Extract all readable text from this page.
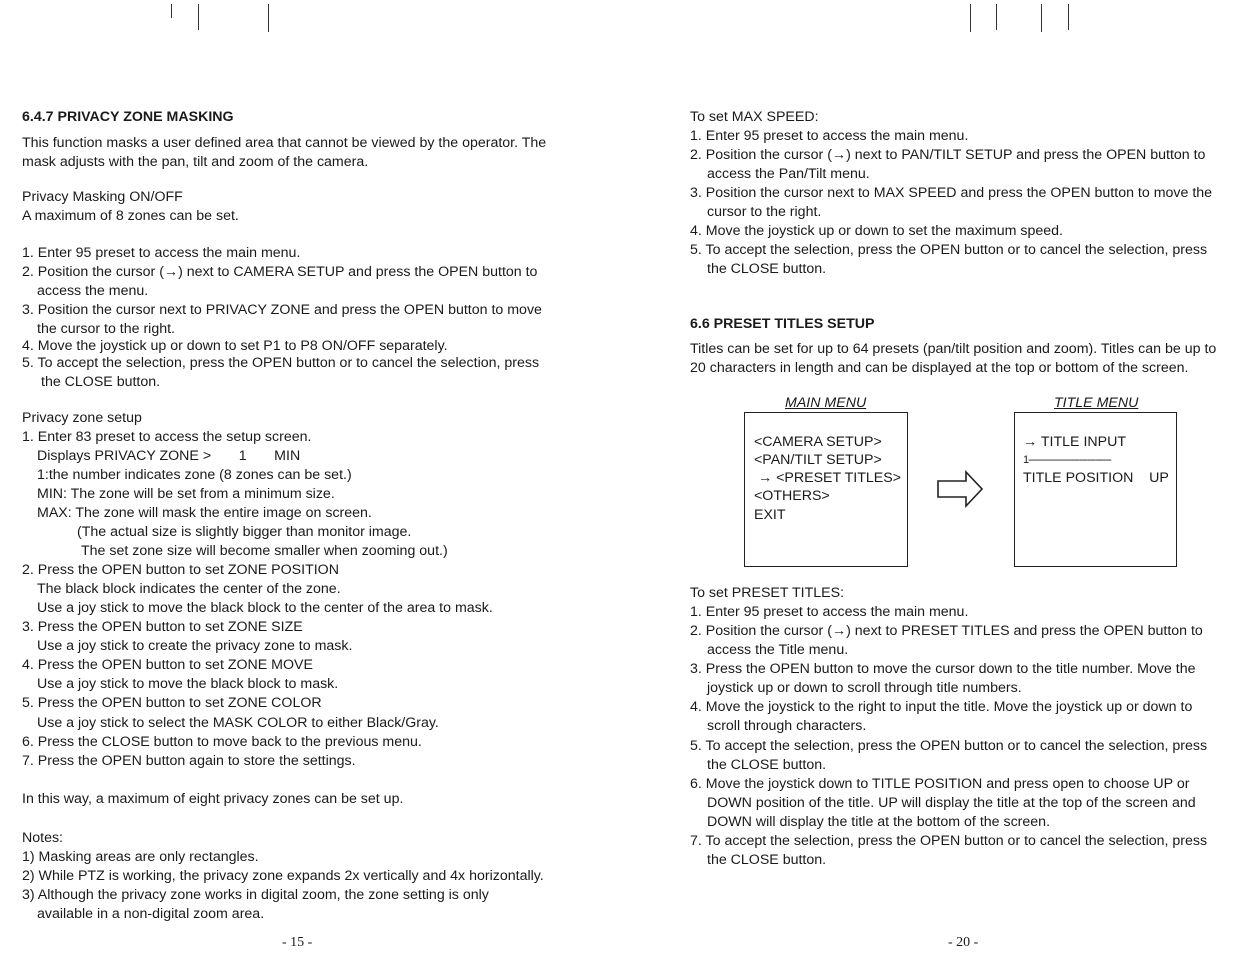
6.4.7 PRIVACY ZONE MASKING
This function masks a user defined area that cannot be viewed by the operator. The
mask adjusts with the pan, tilt and zoom of the camera.
Privacy Masking ON/OFF
A maximum of 8 zones can be set.
1. Enter 95 preset to access the main menu.
2. Position the cursor (→) next to CAMERA SETUP and press the OPEN button to
access the menu.
3. Position the cursor next to PRIVACY ZONE and press the OPEN button to move
the cursor to the right.
4. Move the joystick up or down to set P1 to P8 ON/OFF separately.
5. To accept the selection, press the OPEN button or to cancel the selection, press
the CLOSE button.
Privacy zone setup
1. Enter 83 preset to access the setup screen.
Displays PRIVACY ZONE >       1       MIN
1:the number indicates zone (8 zones can be set.)
MIN: The zone will be set from a minimum size.
MAX: The zone will mask the entire image on screen.
(The actual size is slightly bigger than monitor image.
The set zone size will become smaller when zooming out.)
2. Press the OPEN button to set ZONE POSITION
The black block indicates the center of the zone.
Use a joy stick to move the black block to the center of the area to mask.
3. Press the OPEN button to set ZONE SIZE
Use a joy stick to create the privacy zone to mask.
4. Press the OPEN button to set ZONE MOVE
Use a joy stick to move the black block to mask.
5. Press the OPEN button to set ZONE COLOR
Use a joy stick to select the MASK COLOR to either Black/Gray.
6. Press the CLOSE button to move back to the previous menu.
7. Press the OPEN button again to store the settings.
In this way, a maximum of eight privacy zones can be set up.
Notes:
1) Masking areas are only rectangles.
2) While PTZ is working, the privacy zone expands 2x vertically and 4x horizontally.
3) Although the privacy zone works in digital zoom, the zone setting is only
available in a non-digital zoom area.
- 15 -
To set MAX SPEED:
1. Enter 95 preset to access the main menu.
2. Position the cursor (→) next to PAN/TILT SETUP and press the OPEN button to
access the Pan/Tilt menu.
3. Position the cursor next to MAX SPEED and press the OPEN button to move the
cursor to the right.
4. Move the joystick up or down to set the maximum speed.
5. To accept the selection, press the OPEN button or to cancel the selection, press
the CLOSE button.
6.6 PRESET TITLES SETUP
Titles can be set for up to 64 presets (pan/tilt position and zoom). Titles can be up to
20 characters in length and can be displayed at the top or bottom of the screen.
MAIN MENU
<CAMERA SETUP>
<PAN/TILT SETUP>
→ <PRESET TITLES>
<OTHERS>
EXIT
TITLE MENU
→ TITLE INPUT
1-------------------------------
TITLE POSITION    UP
To set PRESET TITLES:
1. Enter 95 preset to access the main menu.
2. Position the cursor (→) next to PRESET TITLES and press the OPEN button to
access the Title menu.
3. Press the OPEN button to move the cursor down to the title number. Move the
joystick up or down to scroll through title numbers.
4. Move the joystick to the right to input the title. Move the joystick up or down to
scroll through characters.
5. To accept the selection, press the OPEN button or to cancel the selection, press
the CLOSE button.
6. Move the joystick down to TITLE POSITION and press open to choose UP or
DOWN position of the title. UP will display the title at the top of the screen and
DOWN will display the title at the bottom of the screen.
7. To accept the selection, press the OPEN button or to cancel the selection, press
the CLOSE button.
- 20 -
